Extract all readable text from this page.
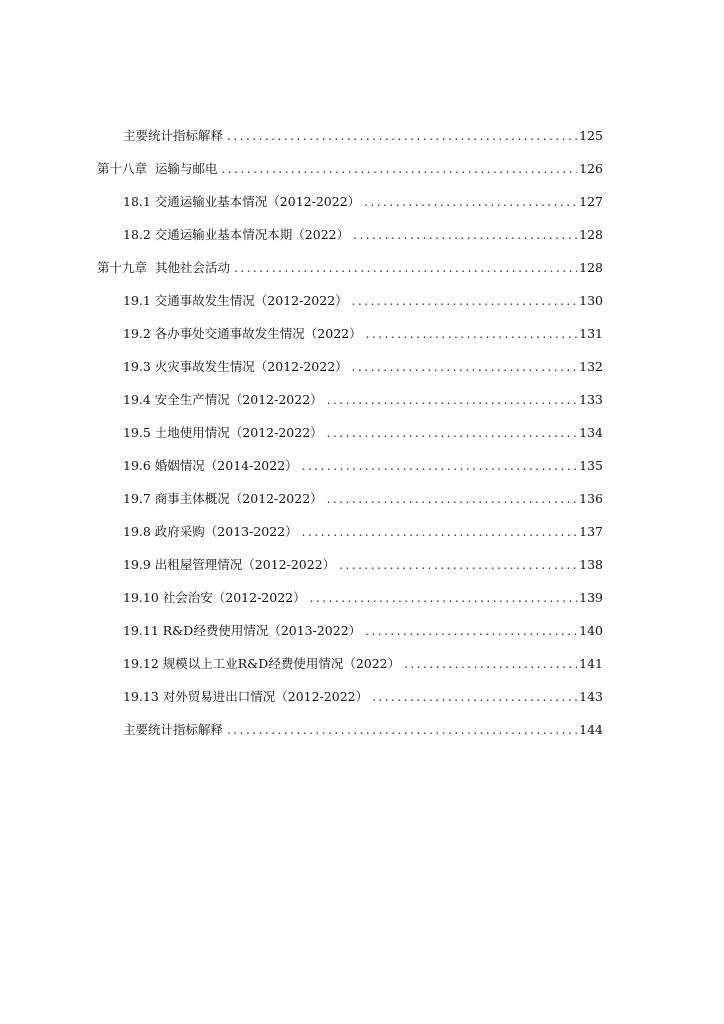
主要统计指标解释 .....	125
第十八章  运输与邮电 .....	126
18.1 交通运输业基本情况（2012-2022） .....	127
18.2 交通运输业基本情况本期（2022） .....	128
第十九章  其他社会活动 .....	128
19.1 交通事故发生情况（2012-2022） .....	130
19.2 各办事处交通事故发生情况（2022） .....	131
19.3 火灾事故发生情况（2012-2022） .....	132
19.4 安全生产情况（2012-2022） .....	133
19.5 土地使用情况（2012-2022） .....	134
19.6 婚姻情况（2014-2022） .....	135
19.7 商事主体概况（2012-2022） .....	136
19.8 政府采购（2013-2022） .....	137
19.9 出租屋管理情况（2012-2022） .....	138
19.10 社会治安（2012-2022） .....	139
19.11 R&D经费使用情况（2013-2022） .....	140
19.12 规模以上工业R&D经费使用情况（2022） .....	141
19.13 对外贸易进出口情况（2012-2022） .....	143
主要统计指标解释 .....	144
